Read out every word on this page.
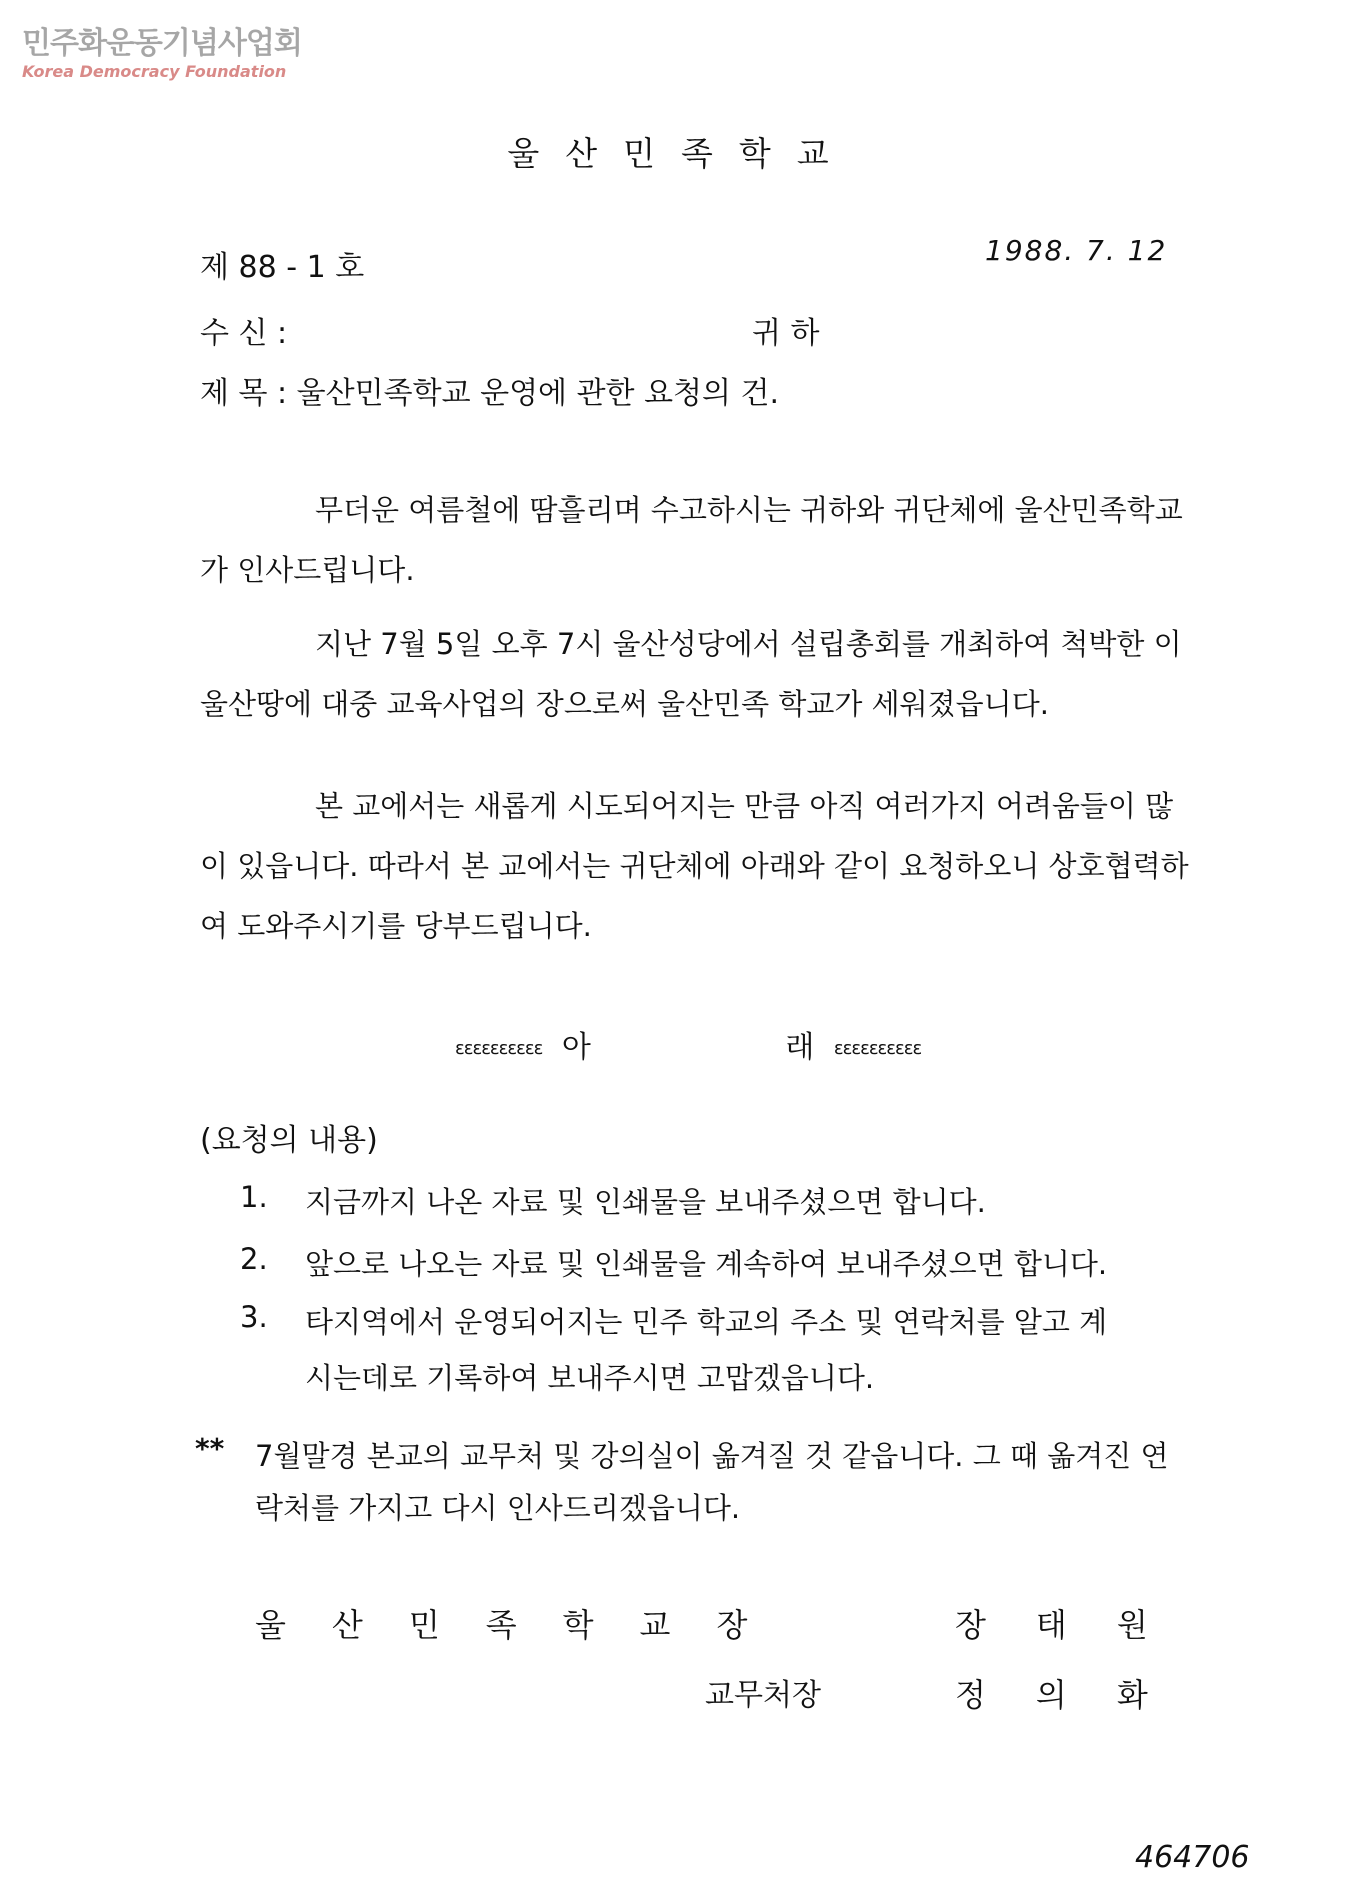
민주화운동기념사업회
Korea Democracy Foundation
울산민족학교
제 88 - 1 호	1988. 7. 12
수 신 :	귀 하
제 목 : 울산민족학교 운영에 관한 요청의 건.
무더운 여름철에 땀흘리며 수고하시는 귀하와 귀단체에 울산민족학교가 인사드립니다.
지난 7월 5일 오후 7시 울산성당에서 설립총회를 개최하여 척박한 이 울산땅에 대중 교육사업의 장으로써 울산민족 학교가 세워졌읍니다.
본 교에서는 새롭게 시도되어지는 만큼 아직 여러가지 어려움들이 많이 있읍니다. 따라서 본 교에서는 귀단체에 아래와 같이 요청하오니 상호협력하여 도와주시기를 당부드립니다.
ɛɛɛɛɛɛɛɛɛɛ 아	래 ɛɛɛɛɛɛɛɛɛɛ
(요청의 내용)
1. 지금까지 나온 자료 및 인쇄물을 보내주셨으면 합니다.
2. 앞으로 나오는 자료 및 인쇄물을 계속하여 보내주셨으면 합니다.
3. 타지역에서 운영되어지는 민주 학교의 주소 및 연락처를 알고 계
시는데로 기록하여 보내주시면 고맙겠읍니다.
** 7월말경 본교의 교무처 및 강의실이 옮겨질 것 같읍니다. 그 때 옮겨진 연락처를 가지고 다시 인사드리겠읍니다.
울산민족학교장	장태원
교무처장	정의화
464706
